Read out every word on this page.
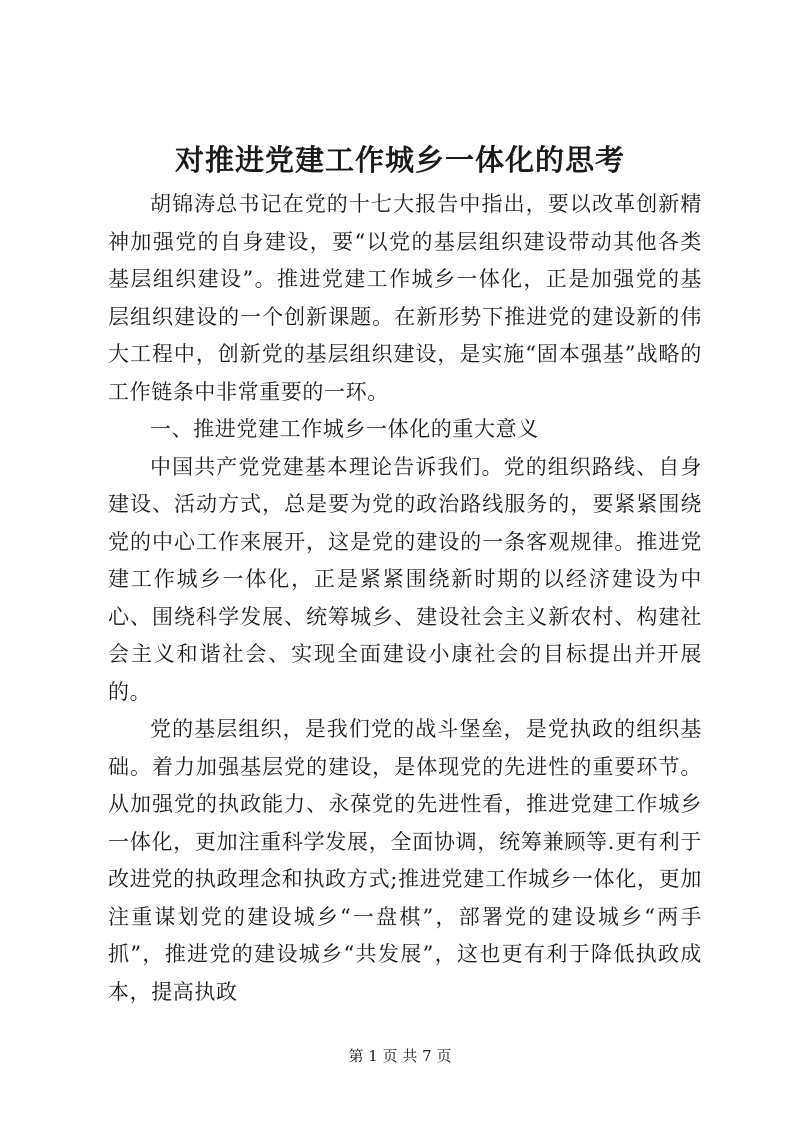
对推进党建工作城乡一体化的思考

胡锦涛总书记在党的十七大报告中指出，要以改革创新精神加强党的自身建设，要“以党的基层组织建设带动其他各类基层组织建设”。推进党建工作城乡一体化，正是加强党的基层组织建设的一个创新课题。在新形势下推进党的建设新的伟大工程中，创新党的基层组织建设，是实施“固本强基”战略的工作链条中非常重要的一环。

一、推进党建工作城乡一体化的重大意义

中国共产党党建基本理论告诉我们。党的组织路线、自身建设、活动方式，总是要为党的政治路线服务的，要紧紧围绕党的中心工作来展开，这是党的建设的一条客观规律。推进党建工作城乡一体化，正是紧紧围绕新时期的以经济建设为中心、围绕科学发展、统筹城乡、建设社会主义新农村、构建社会主义和谐社会、实现全面建设小康社会的目标提出并开展的。

党的基层组织，是我们党的战斗堡垒，是党执政的组织基础。着力加强基层党的建设，是体现党的先进性的重要环节。从加强党的执政能力、永葆党的先进性看，推进党建工作城乡一体化，更加注重科学发展，全面协调，统筹兼顾等.更有利于改进党的执政理念和执政方式;推进党建工作城乡一体化，更加注重谋划党的建设城乡“一盘棋”，部署党的建设城乡“两手抓”，推进党的建设城乡“共发展”，这也更有利于降低执政成本，提高执政

第 1 页 共 7 页
